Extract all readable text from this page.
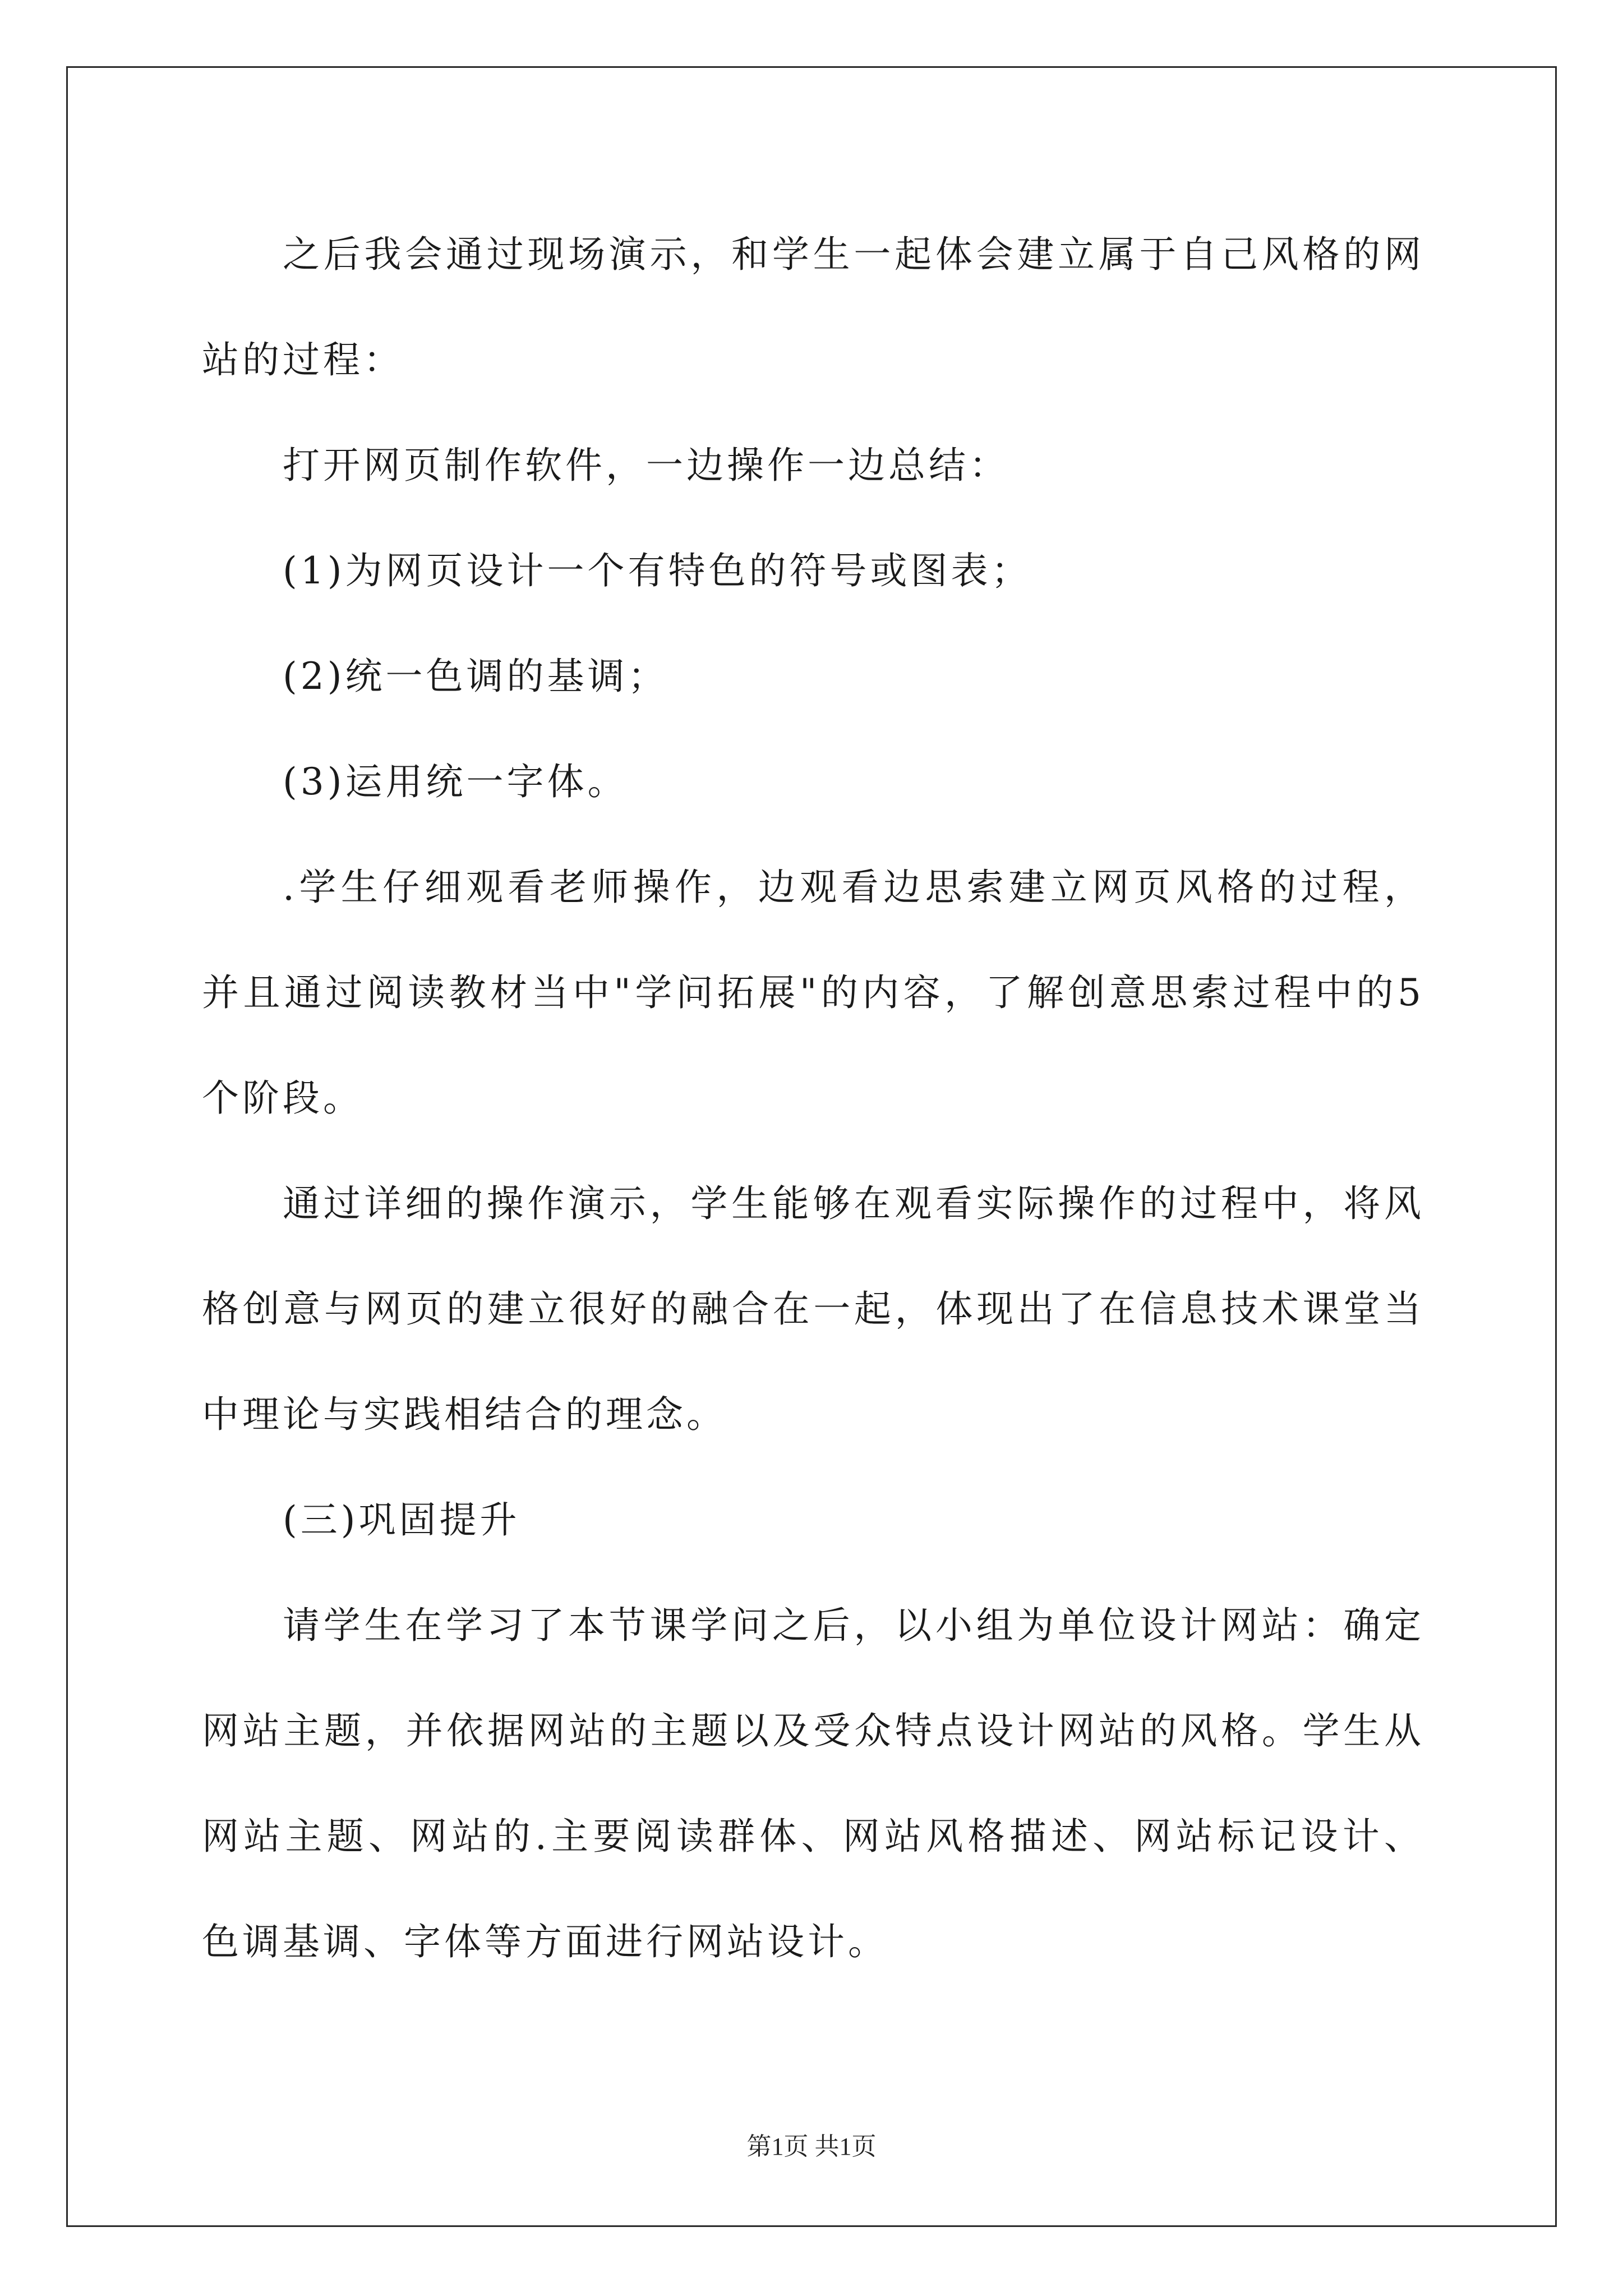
之后我会通过现场演示，和学生一起体会建立属于自己风格的网站的过程：

打开网页制作软件，一边操作一边总结：

(1)为网页设计一个有特色的符号或图表；

(2)统一色调的基调；

(3)运用统一字体。

.学生仔细观看老师操作，边观看边思索建立网页风格的过程，并且通过阅读教材当中"学问拓展"的内容，了解创意思索过程中的5个阶段。

通过详细的操作演示，学生能够在观看实际操作的过程中，将风格创意与网页的建立很好的融合在一起，体现出了在信息技术课堂当中理论与实践相结合的理念。

(三)巩固提升

请学生在学习了本节课学问之后，以小组为单位设计网站：确定网站主题，并依据网站的主题以及受众特点设计网站的风格。学生从网站主题、网站的.主要阅读群体、网站风格描述、网站标记设计、色调基调、字体等方面进行网站设计。

第1页 共1页
